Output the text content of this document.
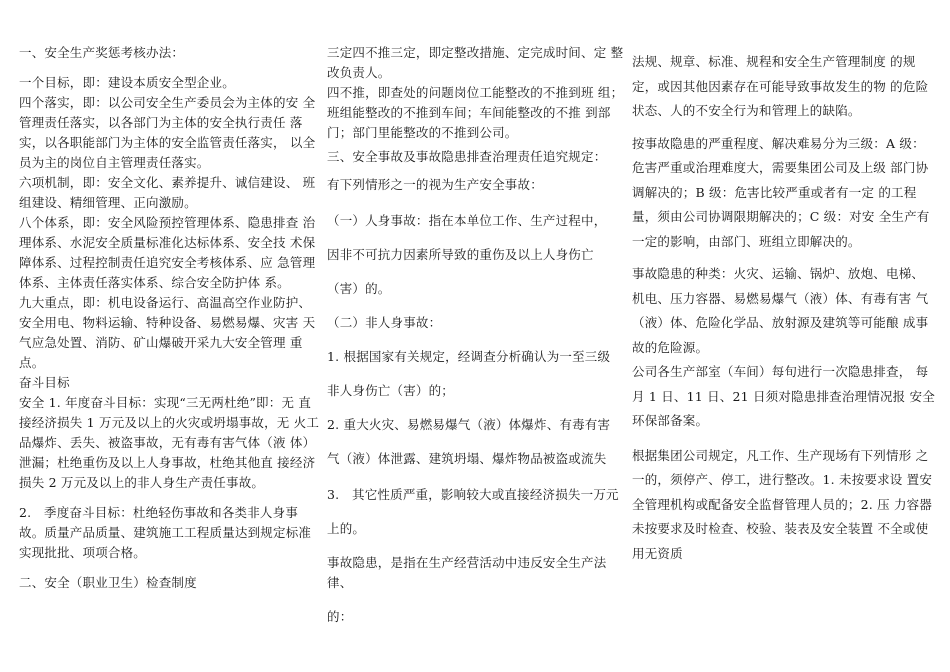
一、安全生产奖惩考核办法：

一个目标，即：建设本质安全型企业。

四个落实，即：以公司安全生产委员会为主体的安 全管理责任落实，以各部门为主体的安全执行责任 落实，以各职能部门为主体的安全监管责任落实， 以全员为主的岗位自主管理责任落实。

六项机制，即：安全文化、素养提升、诚信建设、 班组建设、精细管理、正向激励。

八个体系，即：安全风险预控管理体系、隐患排查 治理体系、水泥安全质量标准化达标体系、安全技 术保障体系、过程控制责任追究安全考核体系、应 急管理体系、主体责任落实体系、综合安全防护体 系。

九大重点，即：机电设备运行、高温高空作业防护、 安全用电、物料运输、特种设备、易燃易爆、灾害 天气应急处置、消防、矿山爆破开采九大安全管理 重点。

奋斗目标

安全 1. 年度奋斗目标：实现“三无两杜绝”即：无 直接经济损失 1 万元及以上的火灾或坍塌事故，无 火工品爆炸、丢失、被盗事故，无有毒有害气体（液 体）泄漏；杜绝重伤及以上人身事故，杜绝其他直 接经济损失 2 万元及以上的非人身生产责任事故。

2.　季度奋斗目标：杜绝轻伤事故和各类非人身事 故。质量产品质量、建筑施工工程质量达到规定标准 实现批批、项项合格。

二、安全（职业卫生）检查制度

三定四不推三定，即定整改措施、定完成时间、定 整改负责人。

四不推，即查处的问题岗位工能整改的不推到班 组；班组能整改的不推到车间；车间能整改的不推 到部门；部门里能整改的不推到公司。

三、安全事故及事故隐患排查治理责任追究规定：

有下列情形之一的视为生产安全事故：

（一）人身事故：指在本单位工作、生产过程中，

因非不可抗力因素所导致的重伤及以上人身伤亡

（害）的。

（二）非人身事故：

1. 根据国家有关规定，经调查分析确认为一至三级

非人身伤亡（害）的；

2. 重大火灾、易燃易爆气（液）体爆炸、有毒有害

气（液）体泄露、建筑坍塌、爆炸物品被盗或流失

3.　其它性质严重，影响较大或直接经济损失一万元

上的。

事故隐患，是指在生产经营活动中违反安全生产法 律、

的：

法规、规章、标准、规程和安全生产管理制度 的规定，或因其他因素存在可能导致事故发生的物 的危险状态、人的不安全行为和管理上的缺陷。

按事故隐患的严重程度、解决难易分为三级：A 级：危害严重或治理难度大，需要集团公司及上级 部门协调解决的；B 级：危害比较严重或者有一定 的工程量，须由公司协调限期解决的；C 级：对安 全生产有一定的影响，由部门、班组立即解决的。

事故隐患的种类：火灾、运输、锅炉、放炮、电梯、 机电、压力容器、易燃易爆气（液）体、有毒有害 气（液）体、危险化学品、放射源及建筑等可能酿 成事故的危险源。

公司各生产部室（车间）每旬进行一次隐患排查， 每月 1 日、11 日、21 日须对隐患排查治理情况报 安全环保部备案。

根据集团公司规定，凡工作、生产现场有下列情形 之一的，须停产、停工，进行整改。1. 未按要求设 置安全管理机构或配备安全监督管理人员的；2. 压 力容器未按要求及时检查、校验、装表及安全装置 不全或使用无资质
